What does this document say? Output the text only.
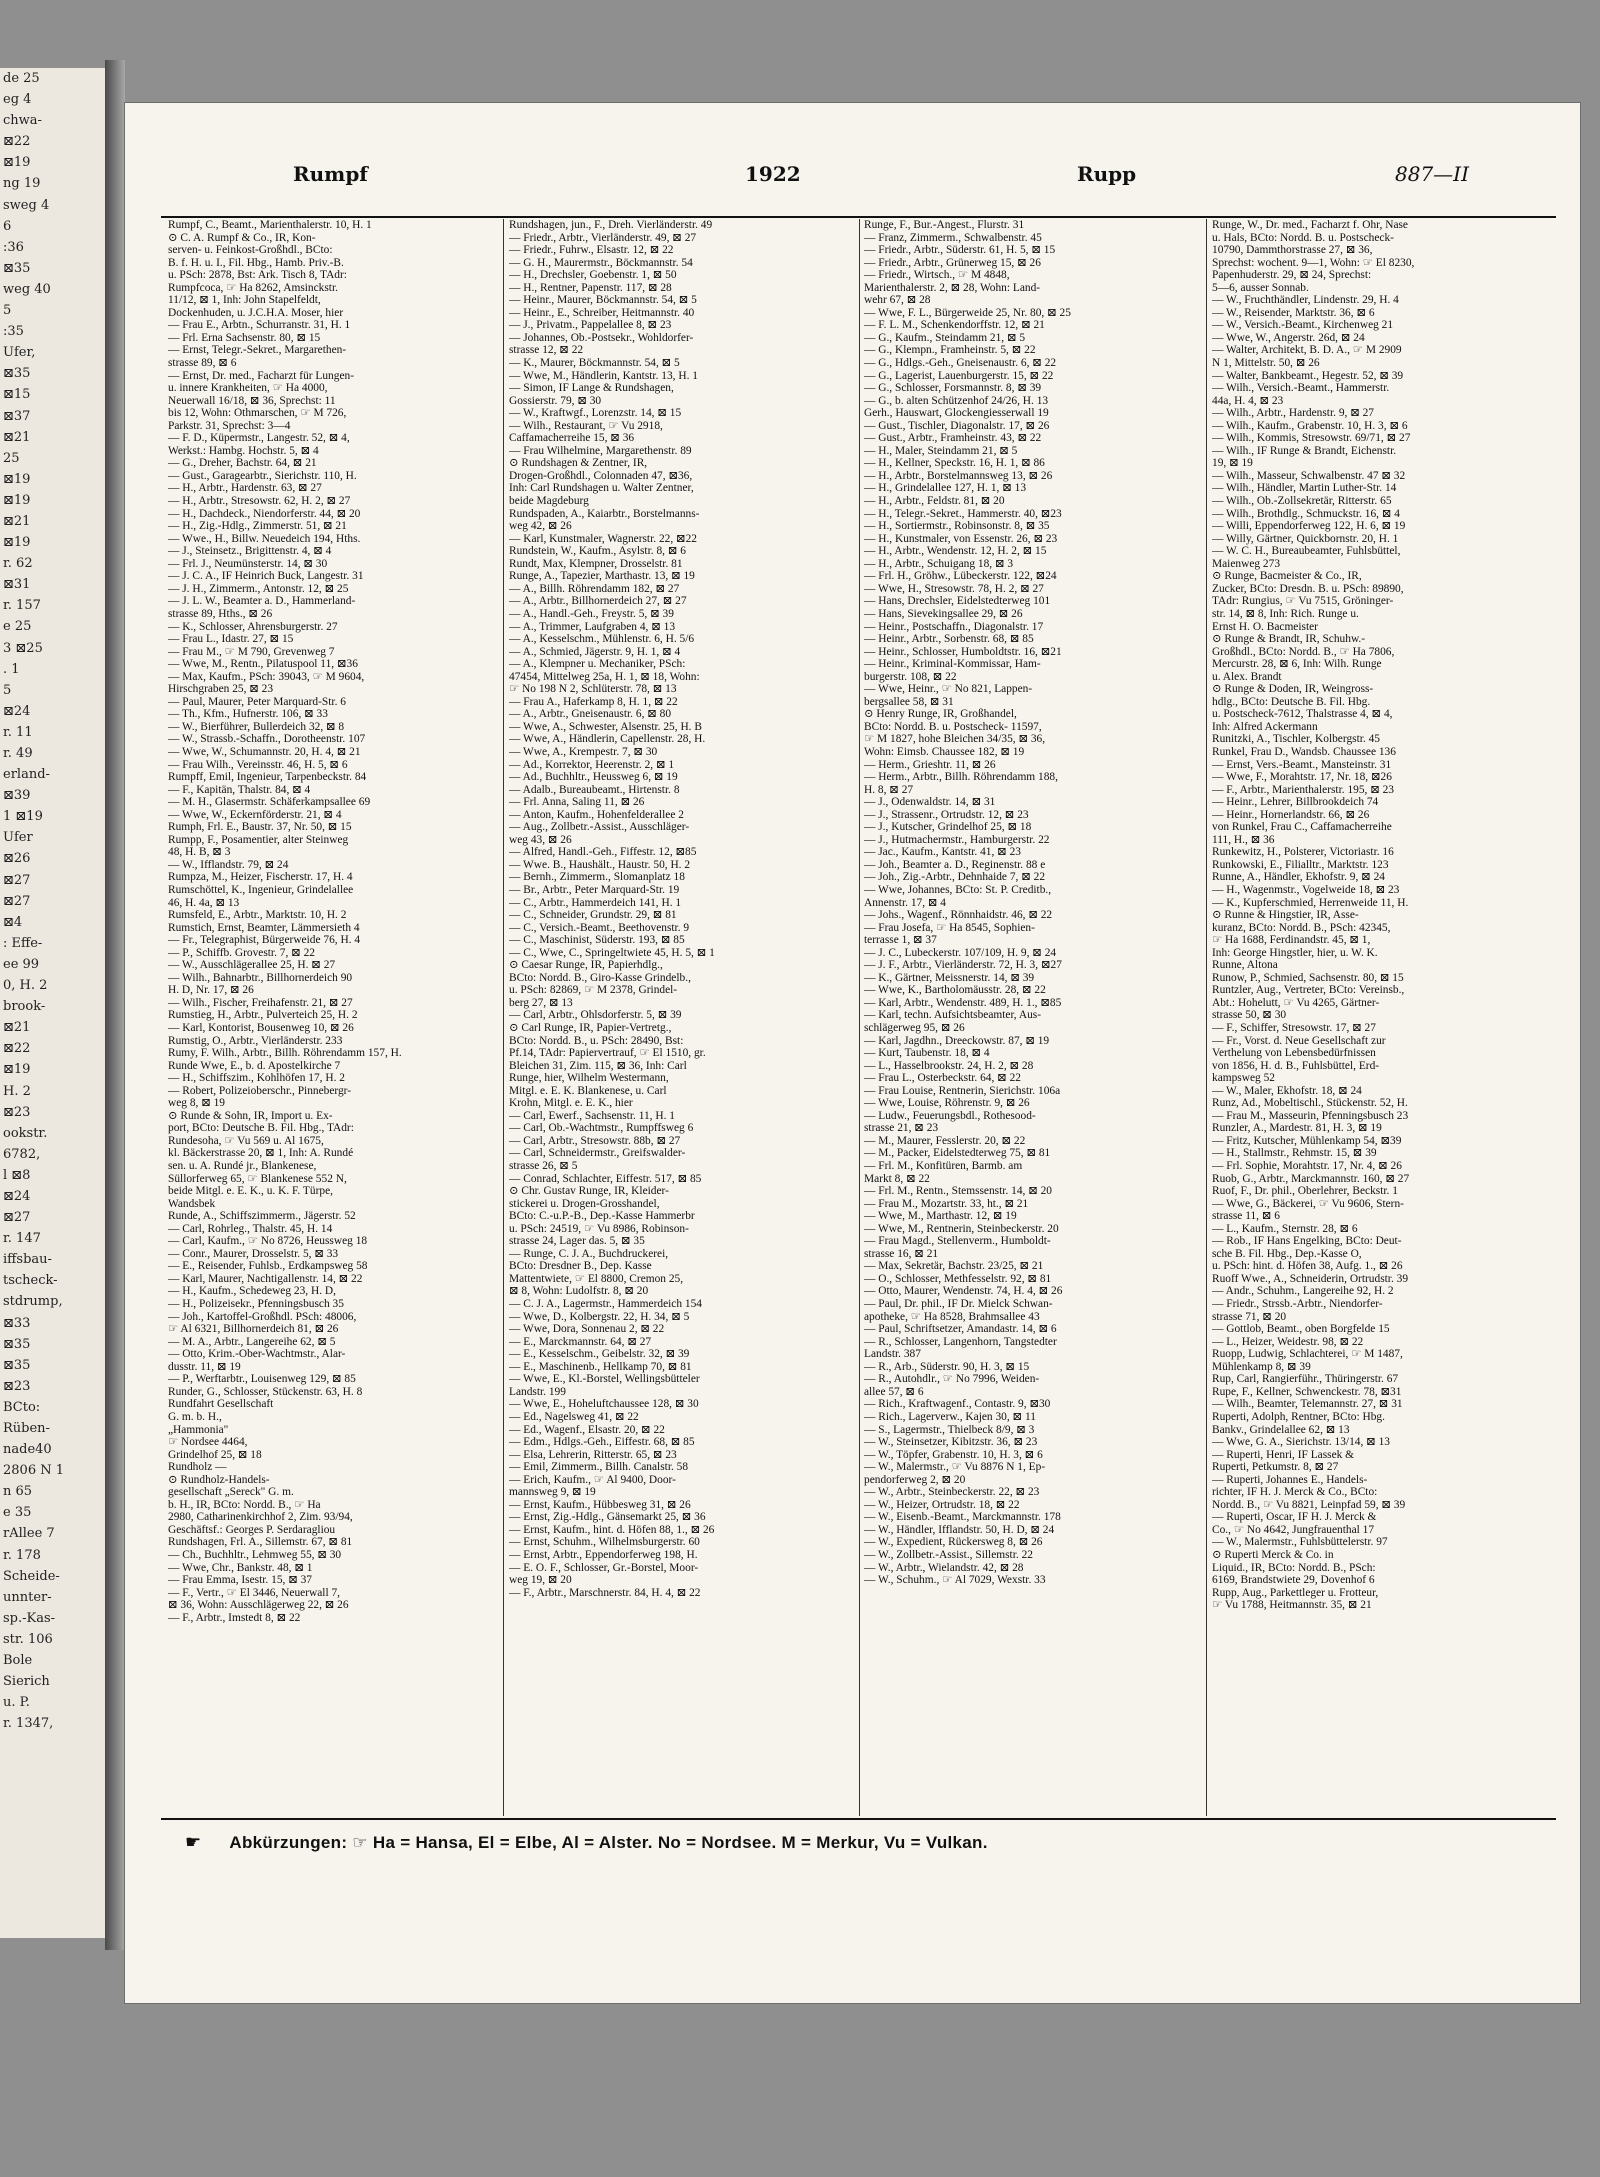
de 25
eg 4
chwa-
⊠22
⊠19
ng 19
sweg 4
6
:36
⊠35
weg 40
5
:35
Ufer,
⊠35
⊠15
⊠37
⊠21
25
⊠19
⊠19
⊠21
⊠19
r. 62
⊠31
r. 157
e 25
3 ⊠25
. 1
5
⊠24
r. 11
r. 49
erland-
⊠39
1 ⊠19
Ufer
⊠26
⊠27
⊠27
⊠4
: Effe-
ee 99
0, H. 2
brook-
⊠21
⊠22
⊠19
H. 2
⊠23
ookstr.
6782,
l ⊠8
⊠24
⊠27
r. 147
iffsbau-
tscheck-
stdrump,
⊠33
⊠35
⊠35
⊠23
BCto:
Rüben-
nade40
2806 N 1
n 65
e 35
rAllee 7
r. 178
Scheide-
unnter-
sp.-Kas-
str. 106
Bole
Sierich
u. P.
r. 1347,
Rumpf	1922	Rupp	887—II
Rumpf, C., Beamt., Marienthalerstr. 10, H. 1
⊙ C. A. Rumpf & Co., IR, Kon-
serven- u. Feinkost-Großhdl., BCto:
B. f. H. u. I., Fil. Hbg., Hamb. Priv.-B.
u. PSch: 2878, Bst: Ark. Tisch 8, TAdr:
Rumpfcoca, ☞ Ha 8262, Amsinckstr.
11/12, ⊠ 1, Inh: John Stapelfeldt,
Dockenhuden, u. J.C.H.A. Moser, hier
— Frau E., Arbtn., Schurranstr. 31, H. 1
— Frl. Erna Sachsenstr. 80, ⊠ 15
— Ernst, Telegr.-Sekret., Margarethen-
strasse 89, ⊠ 6
— Ernst, Dr. med., Facharzt für Lungen-
u. innere Krankheiten, ☞ Ha 4000,
Neuerwall 16/18, ⊠ 36, Sprechst: 11
bis 12, Wohn: Othmarschen, ☞ M 726,
Parkstr. 31, Sprechst: 3—4
— F. D., Küpermstr., Langestr. 52, ⊠ 4,
Werkst.: Hambg. Hochstr. 5, ⊠ 4
— G., Dreher, Bachstr. 64, ⊠ 21
— Gust., Garagearbtr., Sierichstr. 110, H.
— H., Arbtr., Hardenstr. 63, ⊠ 27
— H., Arbtr., Stresowstr. 62, H. 2, ⊠ 27
— H., Dachdeck., Niendorferstr. 44, ⊠ 20
— H., Zig.-Hdlg., Zimmerstr. 51, ⊠ 21
— Wwe., H., Billw. Neuedeich 194, Hths.
— J., Steinsetz., Brigittenstr. 4, ⊠ 4
— Frl. J., Neumünsterstr. 14, ⊠ 30
— J. C. A., IF Heinrich Buck, Langestr. 31
— J. H., Zimmerm., Antonstr. 12, ⊠ 25
— J. L. W., Beamter a. D., Hammerland-
strasse 89, Hths., ⊠ 26
— K., Schlosser, Ahrensburgerstr. 27
— Frau L., Idastr. 27, ⊠ 15
— Frau M., ☞ M 790, Grevenweg 7
— Wwe, M., Rentn., Pilatuspool 11, ⊠36
— Max, Kaufm., PSch: 39043, ☞ M 9604,
Hirschgraben 25, ⊠ 23
— Paul, Maurer, Peter Marquard-Str. 6
— Th., Kfm., Hufnerstr. 106, ⊠ 33
— W., Bierführer, Bullerdeich 32, ⊠ 8
— W., Strassb.-Schaffn., Dorotheenstr. 107
— Wwe, W., Schumannstr. 20, H. 4, ⊠ 21
— Frau Wilh., Vereinsstr. 46, H. 5, ⊠ 6
Rumpff, Emil, Ingenieur, Tarpenbeckstr. 84
— F., Kapitän, Thalstr. 84, ⊠ 4
— M. H., Glasermstr. Schäferkampsallee 69
— Wwe, W., Eckernförderstr. 21, ⊠ 4
Rumph, Frl. E., Baustr. 37, Nr. 50, ⊠ 15
Rumpp, F., Posamentier, alter Steinweg
48, H. B, ⊠ 3
— W., Ifflandstr. 79, ⊠ 24
Rumpza, M., Heizer, Fischerstr. 17, H. 4
Rumschöttel, K., Ingenieur, Grindelallee
46, H. 4a, ⊠ 13
Rumsfeld, E., Arbtr., Marktstr. 10, H. 2
Rumstich, Ernst, Beamter, Lämmersieth 4
— Fr., Telegraphist, Bürgerweide 76, H. 4
— P., Schiffb. Grovestr. 7, ⊠ 22
— W., Ausschlägerallee 25, H. ⊠ 27
— Wilh., Bahnarbtr., Billhornerdeich 90
H. D, Nr. 17, ⊠ 26
— Wilh., Fischer, Freihafenstr. 21, ⊠ 27
Rumstieg, H., Arbtr., Pulverteich 25, H. 2
— Karl, Kontorist, Bousenweg 10, ⊠ 26
Rumstig, O., Arbtr., Vierländerstr. 233
Rumy, F. Wilh., Arbtr., Billh. Röhrendamm 157, H.
Runde Wwe, E., b. d. Apostelkirche 7
— H., Schiffszim., Kohlhöfen 17, H. 2
— Robert, Polizeioberschr., Pinnebergr-
weg 8, ⊠ 19
⊙ Runde & Sohn, IR, Import u. Ex-
port, BCto: Deutsche B. Fil. Hbg., TAdr:
Rundesoha, ☞ Vu 569 u. Al 1675,
kl. Bäckerstrasse 20, ⊠ 1, Inh: A. Rundé
sen. u. A. Rundé jr., Blankenese,
Süllorferweg 65, ☞ Blankenese 552 N,
beide Mitgl. e. E. K., u. K. F. Türpe,
Wandsbek
Runde, A., Schiffszimmerm., Jägerstr. 52
— Carl, Rohrleg., Thalstr. 45, H. 14
— Carl, Kaufm., ☞ No 8726, Heussweg 18
— Conr., Maurer, Drosselstr. 5, ⊠ 33
— E., Reisender, Fuhlsb., Erdkampsweg 58
— Karl, Maurer, Nachtigallenstr. 14, ⊠ 22
— H., Kaufm., Schedeweg 23, H. D,
— H., Polizeisekr., Pfenningsbusch 35
— Joh., Kartoffel-Großhdl. PSch: 48006,
☞ Al 6321, Billhornerdeich 81, ⊠ 26
— M. A., Arbtr., Langereihe 62, ⊠ 5
— Otto, Krim.-Ober-Wachtmstr., Alar-
dusstr. 11, ⊠ 19
— P., Werftarbtr., Louisenweg 129, ⊠ 85
Runder, G., Schlosser, Stückenstr. 63, H. 8
Rundfahrt Gesellschaft
G. m. b. H.,
„Hammonia"
☞ Nordsee 4464,
Grindelhof 25, ⊠ 18
Rundholz —
⊙ Rundholz-Handels-
gesellschaft „Sereck" G. m.
b. H., IR, BCto: Nordd. B., ☞ Ha
2980, Catharinenkirchhof 2, Zim. 93/94,
Geschäftsf.: Georges P. Serdaragliou
Rundshagen, Frl. A., Sillemstr. 67, ⊠ 81
— Ch., Buchhltr., Lehmweg 55, ⊠ 30
— Wwe, Chr., Bankstr. 48, ⊠ 1
— Frau Emma, Isestr. 15, ⊠ 37
— F., Vertr., ☞ El 3446, Neuerwall 7,
⊠ 36, Wohn: Ausschlägerweg 22, ⊠ 26
— F., Arbtr., Imstedt 8, ⊠ 22
Rundshagen, jun., F., Dreh. Vierländerstr. 49
— Friedr., Arbtr., Vierländerstr. 49, ⊠ 27
— Friedr., Fuhrw., Elsastr. 12, ⊠ 22
— G. H., Maurermstr., Böckmannstr. 54
— H., Drechsler, Goebenstr. 1, ⊠ 50
— H., Rentner, Papenstr. 117, ⊠ 28
— Heinr., Maurer, Böckmannstr. 54, ⊠ 5
— Heinr., E., Schreiber, Heitmannstr. 40
— J., Privatm., Pappelallee 8, ⊠ 23
— Johannes, Ob.-Postsekr., Wohldorfer-
strasse 12, ⊠ 22
— K., Maurer, Böckmannstr. 54, ⊠ 5
— Wwe, M., Händlerin, Kantstr. 13, H. 1
— Simon, IF Lange & Rundshagen,
Gossierstr. 79, ⊠ 30
— W., Kraftwgf., Lorenzstr. 14, ⊠ 15
— Wilh., Restaurant, ☞ Vu 2918,
Caffamacherreihe 15, ⊠ 36
— Frau Wilhelmine, Margarethenstr. 89
⊙ Rundshagen & Zentner, IR,
Drogen-Großhdl., Colonnaden 47, ⊠36,
Inh: Carl Rundshagen u. Walter Zentner,
beide Magdeburg
Rundspaden, A., Kaiarbtr., Borstelmanns-
weg 42, ⊠ 26
— Karl, Kunstmaler, Wagnerstr. 22, ⊠22
Rundstein, W., Kaufm., Asylstr. 8, ⊠ 6
Rundt, Max, Klempner, Drosselstr. 81
Runge, A., Tapezier, Marthastr. 13, ⊠ 19
— A., Billh. Röhrendamm 182, ⊠ 27
— A., Arbtr., Billhornerdeich 27, ⊠ 27
— A., Handl.-Geh., Freystr. 5, ⊠ 39
— A., Trimmer, Laufgraben 4, ⊠ 13
— A., Kesselschm., Mühlenstr. 6, H. 5/6
— A., Schmied, Jägerstr. 9, H. 1, ⊠ 4
— A., Klempner u. Mechaniker, PSch:
47454, Mittelweg 25a, H. 1, ⊠ 18, Wohn:
☞ No 198 N 2, Schlüterstr. 78, ⊠ 13
— Frau A., Haferkamp 8, H. 1, ⊠ 22
— A., Arbtr., Gneisenaustr. 6, ⊠ 80
— Wwe, A., Schwester, Alsenstr. 25, H. B
— Wwe, A., Händlerin, Capellenstr. 28, H.
— Wwe, A., Krempestr. 7, ⊠ 30
— Ad., Korrektor, Heerenstr. 2, ⊠ 1
— Ad., Buchhltr., Heussweg 6, ⊠ 19
— Adalb., Bureaubeamt., Hirtenstr. 8
— Frl. Anna, Saling 11, ⊠ 26
— Anton, Kaufm., Hohenfelderallee 2
— Aug., Zollbetr.-Assist., Ausschläger-
weg 43, ⊠ 26
— Alfred, Handl.-Geh., Fiffestr. 12, ⊠85
— Wwe. B., Haushält., Haustr. 50, H. 2
— Bernh., Zimmerm., Slomanplatz 18
— Br., Arbtr., Peter Marquard-Str. 19
— C., Arbtr., Hammerdeich 141, H. 1
— C., Schneider, Grundstr. 29, ⊠ 81
— C., Versich.-Beamt., Beethovenstr. 9
— C., Maschinist, Süderstr. 193, ⊠ 85
— C., Wwe, C., Springeltwiete 45, H. 5, ⊠ 1
⊙ Caesar Runge, IR, Papierhdlg.,
BCto: Nordd. B., Giro-Kasse Grindelb.,
u. PSch: 82869, ☞ M 2378, Grindel-
berg 27, ⊠ 13
— Carl, Arbtr., Ohlsdorferstr. 5, ⊠ 39
⊙ Carl Runge, IR, Papier-Vertretg.,
BCto: Nordd. B., u. PSch: 28490, Bst:
Pf.14, TAdr: Papiervertrauf, ☞ El 1510, gr.
Bleichen 31, Zim. 115, ⊠ 36, Inh: Carl
Runge, hier, Wilhelm Westermann,
Mitgl. e. E. K. Blankenese, u. Carl
Krohn, Mitgl. e. E. K., hier
— Carl, Ewerf., Sachsenstr. 11, H. 1
— Carl, Ob.-Wachtmstr., Rumpffsweg 6
— Carl, Arbtr., Stresowstr. 88b, ⊠ 27
— Carl, Schneidermstr., Greifswalder-
strasse 26, ⊠ 5
— Conrad, Schlachter, Eiffestr. 517, ⊠ 85
⊙ Chr. Gustav Runge, IR, Kleider-
stickerei u. Drogen-Grosshandel,
BCto: C.-u.P.-B., Dep.-Kasse Hammerbr
u. PSch: 24519, ☞ Vu 8986, Robinson-
strasse 24, Lager das. 5, ⊠ 35
— Runge, C. J. A., Buchdruckerei,
BCto: Dresdner B., Dep. Kasse
Mattentwiete, ☞ El 8800, Cremon 25,
⊠ 8, Wohn: Ludolfstr. 8, ⊠ 20
— C. J. A., Lagermstr., Hammerdeich 154
— Wwe, D., Kolbergstr. 22, H. 34, ⊠ 5
— Wwe, Dora, Sonnenau 2, ⊠ 22
— E., Marckmannstr. 64, ⊠ 27
— E., Kesselschm., Geibelstr. 32, ⊠ 39
— E., Maschinenb., Hellkamp 70, ⊠ 81
— Wwe, E., Kl.-Borstel, Wellingsbütteler
Landstr. 199
— Wwe, E., Hoheluftchaussee 128, ⊠ 30
— Ed., Nagelsweg 41, ⊠ 22
— Ed., Wagenf., Elsastr. 20, ⊠ 22
— Edm., Hdlgs.-Geh., Eiffestr. 68, ⊠ 85
— Elsa, Lehrerin, Ritterstr. 65, ⊠ 23
— Emil, Zimmerm., Billh. Canalstr. 58
— Erich, Kaufm., ☞ Al 9400, Door-
mannsweg 9, ⊠ 19
— Ernst, Kaufm., Hübbesweg 31, ⊠ 26
— Ernst, Zig.-Hdlg., Gänsemarkt 25, ⊠ 36
— Ernst, Kaufm., hint. d. Höfen 88, 1., ⊠ 26
— Ernst, Schuhm., Wilhelmsburgerstr. 60
— Ernst, Arbtr., Eppendorferweg 198, H.
— E. O. F., Schlosser, Gr.-Borstel, Moor-
weg 19, ⊠ 20
— F., Arbtr., Marschnerstr. 84, H. 4, ⊠ 22
Runge, F., Bur.-Angest., Flurstr. 31
— Franz, Zimmerm., Schwalbenstr. 45
— Friedr., Arbtr., Süderstr. 61, H. 5, ⊠ 15
— Friedr., Arbtr., Grünerweg 15, ⊠ 26
— Friedr., Wirtsch., ☞ M 4848,
Marienthalerstr. 2, ⊠ 28, Wohn: Land-
wehr 67, ⊠ 28
— Wwe, F. L., Bürgerweide 25, Nr. 80, ⊠ 25
— F. L. M., Schenkendorffstr. 12, ⊠ 21
— G., Kaufm., Steindamm 21, ⊠ 5
— G., Klempn., Framheinstr. 5, ⊠ 22
— G., Hdlgs.-Geh., Gneisenaustr. 6, ⊠ 22
— G., Lagerist, Lauenburgerstr. 15, ⊠ 22
— G., Schlosser, Forsmannstr. 8, ⊠ 39
— G., b. alten Schützenhof 24/26, H. 13
Gerh., Hauswart, Glockengiesserwall 19
— Gust., Tischler, Diagonalstr. 17, ⊠ 26
— Gust., Arbtr., Framheinstr. 43, ⊠ 22
— H., Maler, Steindamm 21, ⊠ 5
— H., Kellner, Speckstr. 16, H. 1, ⊠ 86
— H., Arbtr., Borstelmannsweg 13, ⊠ 26
— H., Grindelallee 127, H. 1, ⊠ 13
— H., Arbtr., Feldstr. 81, ⊠ 20
— H., Telegr.-Sekret., Hammerstr. 40, ⊠23
— H., Sortiermstr., Robinsonstr. 8, ⊠ 35
— H., Kunstmaler, von Essenstr. 26, ⊠ 23
— H., Arbtr., Wendenstr. 12, H. 2, ⊠ 15
— H., Arbtr., Schuigang 18, ⊠ 3
— Frl. H., Gröhw., Lübeckerstr. 122, ⊠24
— Wwe, H., Stresowstr. 78, H. 2, ⊠ 27
— Hans, Drechsler, Eidelstedterweg 101
— Hans, Sievekingsallee 29, ⊠ 26
— Heinr., Postschaffn., Diagonalstr. 17
— Heinr., Arbtr., Sorbenstr. 68, ⊠ 85
— Heinr., Schlosser, Humboldtstr. 16, ⊠21
— Heinr., Kriminal-Kommissar, Ham-
burgerstr. 108, ⊠ 22
— Wwe, Heinr., ☞ No 821, Lappen-
bergsallee 58, ⊠ 31
⊙ Henry Runge, IR, Großhandel,
BCto: Nordd. B. u. Postscheck- 11597,
☞ M 1827, hohe Bleichen 34/35, ⊠ 36,
Wohn: Eimsb. Chaussee 182, ⊠ 19
— Herm., Grieshtr. 11, ⊠ 26
— Herm., Arbtr., Billh. Röhrendamm 188,
H. 8, ⊠ 27
— J., Odenwaldstr. 14, ⊠ 31
— J., Strassenr., Ortrudstr. 12, ⊠ 23
— J., Kutscher, Grindelhof 25, ⊠ 18
— J., Hutmachermstr., Hamburgerstr. 22
— Jac., Kaufm., Kantstr. 41, ⊠ 23
— Joh., Beamter a. D., Reginenstr. 88 e
— Joh., Zig.-Arbtr., Dehnhaide 7, ⊠ 22
— Wwe, Johannes, BCto: St. P. Creditb.,
Annenstr. 17, ⊠ 4
— Johs., Wagenf., Rönnhaidstr. 46, ⊠ 22
— Frau Josefa, ☞ Ha 8545, Sophien-
terrasse 1, ⊠ 37
— J. C., Lubeckerstr. 107/109, H. 9, ⊠ 24
— J. F., Arbtr., Vierländerstr. 72, H. 3, ⊠27
— K., Gärtner, Meissnerstr. 14, ⊠ 39
— Wwe, K., Bartholomäusstr. 28, ⊠ 22
— Karl, Arbtr., Wendenstr. 489, H. 1., ⊠85
— Karl, techn. Aufsichtsbeamter, Aus-
schlägerweg 95, ⊠ 26
— Karl, Jagdhn., Dreeckowstr. 87, ⊠ 19
— Kurt, Taubenstr. 18, ⊠ 4
— L., Hasselbrookstr. 24, H. 2, ⊠ 28
— Frau L., Osterbeckstr. 64, ⊠ 22
— Frau Louise, Rentnerin, Sierichstr. 106a
— Wwe, Louise, Röhrenstr. 9, ⊠ 26
— Ludw., Feuerungsbdl., Rothesood-
strasse 21, ⊠ 23
— M., Maurer, Fesslerstr. 20, ⊠ 22
— M., Packer, Eidelstedterweg 75, ⊠ 81
— Frl. M., Konfitüren, Barmb. am
Markt 8, ⊠ 22
— Frl. M., Rentn., Stemssenstr. 14, ⊠ 20
— Frau M., Mozartstr. 33, ht., ⊠ 21
— Wwe, M., Marthastr. 12, ⊠ 19
— Wwe, M., Rentnerin, Steinbeckerstr. 20
— Frau Magd., Stellenverm., Humboldt-
strasse 16, ⊠ 21
— Max, Sekretär, Bachstr. 23/25, ⊠ 21
— O., Schlosser, Methfesselstr. 92, ⊠ 81
— Otto, Maurer, Wendenstr. 74, H. 4, ⊠ 26
— Paul, Dr. phil., IF Dr. Mielck Schwan-
apotheke, ☞ Ha 8528, Brahmsallee 43
— Paul, Schriftsetzer, Amandastr. 14, ⊠ 6
— R., Schlosser, Langenhorn, Tangstedter
Landstr. 387
— R., Arb., Süderstr. 90, H. 3, ⊠ 15
— R., Autohdlr., ☞ No 7996, Weiden-
allee 57, ⊠ 6
— Rich., Kraftwagenf., Contastr. 9, ⊠30
— Rich., Lagerverw., Kajen 30, ⊠ 11
— S., Lagermstr., Thielbeck 8/9, ⊠ 3
— W., Steinsetzer, Kibitzstr. 36, ⊠ 23
— W., Töpfer, Grabenstr. 10, H. 3, ⊠ 6
— W., Malermstr., ☞ Vu 8876 N 1, Ep-
pendorferweg 2, ⊠ 20
— W., Arbtr., Steinbeckerstr. 22, ⊠ 23
— W., Heizer, Ortrudstr. 18, ⊠ 22
— W., Eisenb.-Beamt., Marckmannstr. 178
— W., Händler, Ifflandstr. 50, H. D, ⊠ 24
— W., Expedient, Rückersweg 8, ⊠ 26
— W., Zollbetr.-Assist., Sillemstr. 22
— W., Arbtr., Wielandstr. 42, ⊠ 28
— W., Schuhm., ☞ Al 7029, Wexstr. 33
Runge, W., Dr. med., Facharzt f. Ohr, Nase
u. Hals, BCto: Nordd. B. u. Postscheck-
10790, Dammthorstrasse 27, ⊠ 36,
Sprechst: wochent. 9—1, Wohn: ☞ El 8230,
Papenhuderstr. 29, ⊠ 24, Sprechst:
5—6, ausser Sonnab.
— W., Fruchthändler, Lindenstr. 29, H. 4
— W., Reisender, Marktstr. 36, ⊠ 6
— W., Versich.-Beamt., Kirchenweg 21
— Wwe, W., Angerstr. 26d, ⊠ 24
— Walter, Architekt, B. D. A., ☞ M 2909
N 1, Mittelstr. 50, ⊠ 26
— Walter, Bankbeamt., Hegestr. 52, ⊠ 39
— Wilh., Versich.-Beamt., Hammerstr.
44a, H. 4, ⊠ 23
— Wilh., Arbtr., Hardenstr. 9, ⊠ 27
— Wilh., Kaufm., Grabenstr. 10, H. 3, ⊠ 6
— Wilh., Kommis, Stresowstr. 69/71, ⊠ 27
— Wilh., IF Runge & Brandt, Eichenstr.
19, ⊠ 19
— Wilh., Masseur, Schwalbenstr. 47 ⊠ 32
— Wilh., Händler, Martin Luther-Str. 14
— Wilh., Ob.-Zollsekretär, Ritterstr. 65
— Wilh., Brothdlg., Schmuckstr. 16, ⊠ 4
— Willi, Eppendorferweg 122, H. 6, ⊠ 19
— Willy, Gärtner, Quickbornstr. 20, H. 1
— W. C. H., Bureaubeamter, Fuhlsbüttel,
Maienweg 273
⊙ Runge, Bacmeister & Co., IR,
Zucker, BCto: Dresdn. B. u. PSch: 89890,
TAdr: Rungius, ☞ Vu 7515, Gröninger-
str. 14, ⊠ 8, Inh: Rich. Runge u.
Ernst H. O. Bacmeister
⊙ Runge & Brandt, IR, Schuhw.-
Großhdl., BCto: Nordd. B., ☞ Ha 7806,
Mercurstr. 28, ⊠ 6, Inh: Wilh. Runge
u. Alex. Brandt
⊙ Runge & Doden, IR, Weingross-
hdlg., BCto: Deutsche B. Fil. Hbg.
u. Postscheck-7612, Thalstrasse 4, ⊠ 4,
Inh: Alfred Ackermann
Runitzki, A., Tischler, Kolbergstr. 45
Runkel, Frau D., Wandsb. Chaussee 136
— Ernst, Vers.-Beamt., Mansteinstr. 31
— Wwe, F., Morahtstr. 17, Nr. 18, ⊠26
— F., Arbtr., Marienthalerstr. 195, ⊠ 23
— Heinr., Lehrer, Billbrookdeich 74
— Heinr., Hornerlandstr. 66, ⊠ 26
von Runkel, Frau C., Caffamacherreihe
111, H., ⊠ 36
Runkewitz, H., Polsterer, Victoriastr. 16
Runkowski, E., Filialltr., Marktstr. 123
Runne, A., Händler, Ekhofstr. 9, ⊠ 24
— H., Wagenmstr., Vogelweide 18, ⊠ 23
— K., Kupferschmied, Herrenweide 11, H.
⊙ Runne & Hingstier, IR, Asse-
kuranz, BCto: Nordd. B., PSch: 42345,
☞ Ha 1688, Ferdinandstr. 45, ⊠ 1,
Inh: George Hingstler, hier, u. W. K.
Runne, Altona
Runow, P., Schmied, Sachsenstr. 80, ⊠ 15
Runtzler, Aug., Vertreter, BCto: Vereinsb.,
Abt.: Hohelutt, ☞ Vu 4265, Gärtner-
strasse 50, ⊠ 30
— F., Schiffer, Stresowstr. 17, ⊠ 27
— Fr., Vorst. d. Neue Gesellschaft zur
Verthelung von Lebensbedürfnissen
von 1856, H. d. B., Fuhlsbüttel, Erd-
kampsweg 52
— W., Maler, Ekhofstr. 18, ⊠ 24
Runz, Ad., Mobeltischl., Stückenstr. 52, H.
— Frau M., Masseurin, Pfenningsbusch 23
Runzler, A., Mardestr. 81, H. 3, ⊠ 19
— Fritz, Kutscher, Mühlenkamp 54, ⊠39
— H., Stallmstr., Rehmstr. 15, ⊠ 39
— Frl. Sophie, Morahtstr. 17, Nr. 4, ⊠ 26
Ruob, G., Arbtr., Marckmannstr. 160, ⊠ 27
Ruof, F., Dr. phil., Oberlehrer, Beckstr. 1
— Wwe, G., Bäckerei, ☞ Vu 9606, Stern-
strasse 11, ⊠ 6
— L., Kaufm., Sternstr. 28, ⊠ 6
— Rob., IF Hans Engelking, BCto: Deut-
sche B. Fil. Hbg., Dep.-Kasse O,
u. PSch: hint. d. Höfen 38, Aufg. 1., ⊠ 26
Ruoff Wwe., A., Schneiderin, Ortrudstr. 39
— Andr., Schuhm., Langereihe 92, H. 2
— Friedr., Strssb.-Arbtr., Niendorfer-
strasse 71, ⊠ 20
— Gottlob, Beamt., oben Borgfelde 15
— L., Heizer, Weidestr. 98, ⊠ 22
Ruopp, Ludwig, Schlachterei, ☞ M 1487,
Mühlenkamp 8, ⊠ 39
Rup, Carl, Rangierführ., Thüringerstr. 67
Rupe, F., Kellner, Schwenckestr. 78, ⊠31
— Wilh., Beamter, Telemannstr. 27, ⊠ 31
Ruperti, Adolph, Rentner, BCto: Hbg.
Bankv., Grindelallee 62, ⊠ 13
— Wwe, G. A., Sierichstr. 13/14, ⊠ 13
— Ruperti, Henri, IF Lassek &
Ruperti, Petkumstr. 8, ⊠ 27
— Ruperti, Johannes E., Handels-
richter, IF H. J. Merck & Co., BCto:
Nordd. B., ☞ Vu 8821, Leinpfad 59, ⊠ 39
— Ruperti, Oscar, IF H. J. Merck &
Co., ☞ No 4642, Jungfrauenthal 17
— W., Malermstr., Fuhlsbüttelerstr. 97
⊙ Ruperti Merck & Co. in
Liquid., IR, BCto: Nordd. B., PSch:
6169, Brandstwiete 29, Dovenhof 6
Rupp, Aug., Parkettleger u. Frotteur,
☞ Vu 1788, Heitmannstr. 35, ⊠ 21
☛ Abkürzungen: ☞ Ha = Hansa, El = Elbe, Al = Alster. No = Nordsee. M = Merkur, Vu = Vulkan.
